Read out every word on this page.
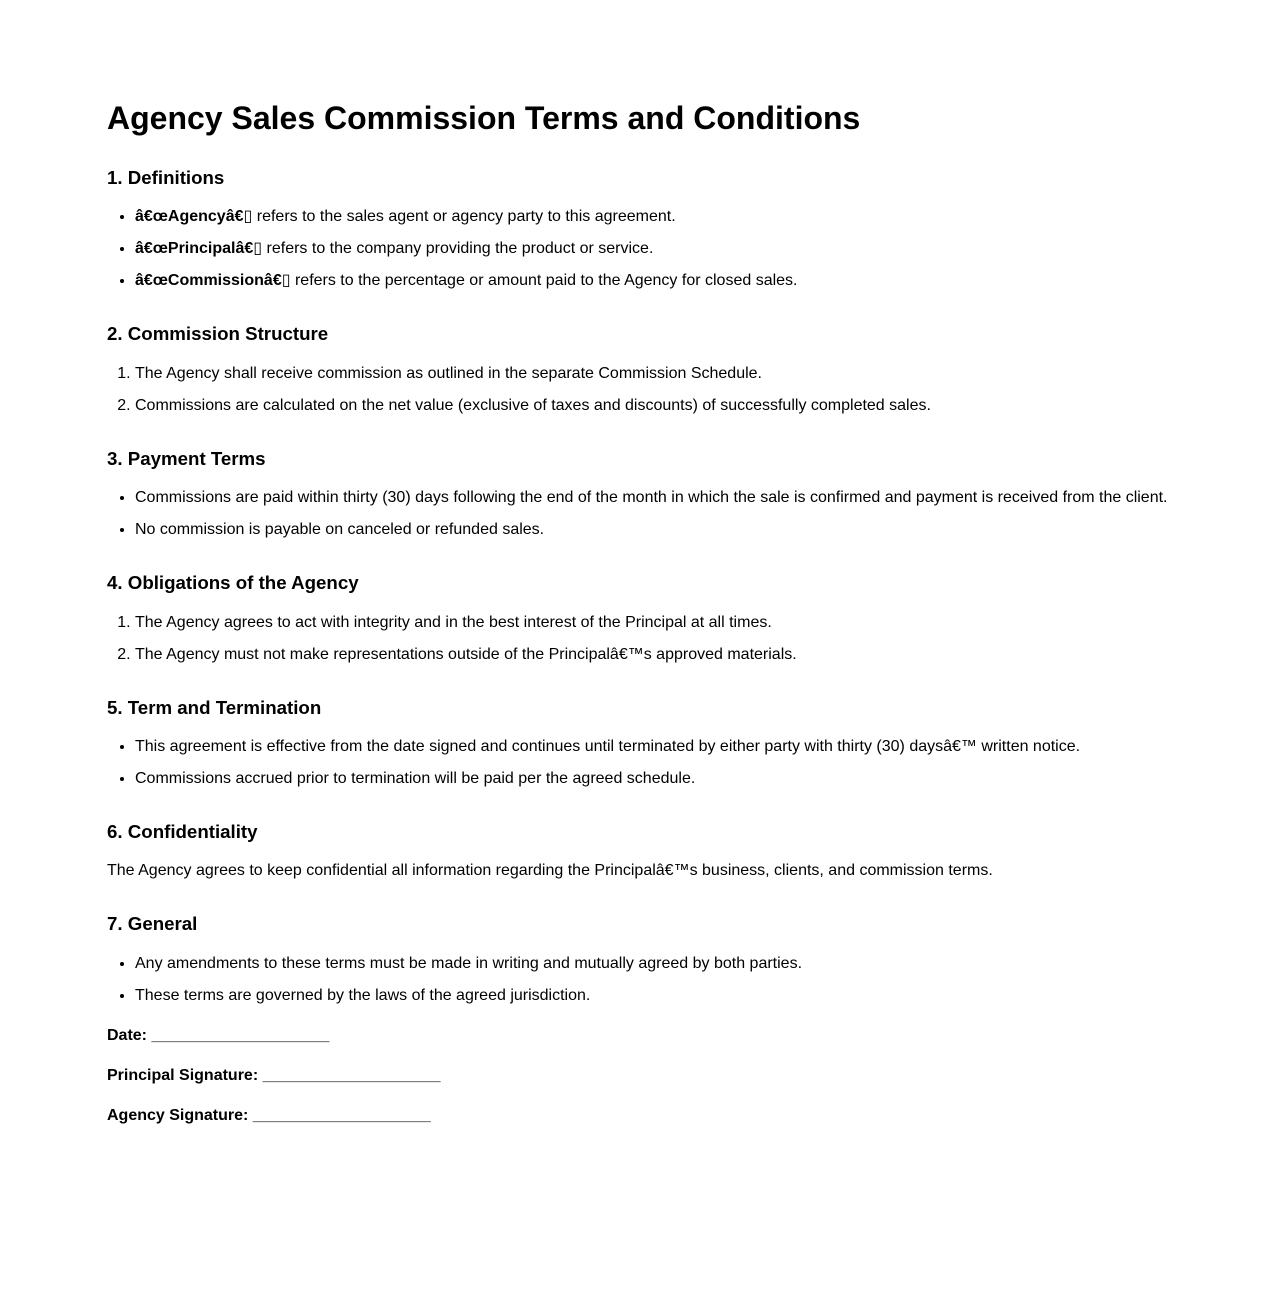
Agency Sales Commission Terms and Conditions
1. Definitions
• â€œAgencyâ€▯ refers to the sales agent or agency party to this agreement.
• â€œPrincipalâ€▯ refers to the company providing the product or service.
• â€œCommissionâ€▯ refers to the percentage or amount paid to the Agency for closed sales.
2. Commission Structure
1. The Agency shall receive commission as outlined in the separate Commission Schedule.
2. Commissions are calculated on the net value (exclusive of taxes and discounts) of successfully completed sales.
3. Payment Terms
• Commissions are paid within thirty (30) days following the end of the month in which the sale is confirmed and payment is received from the client.
• No commission is payable on canceled or refunded sales.
4. Obligations of the Agency
1. The Agency agrees to act with integrity and in the best interest of the Principal at all times.
2. The Agency must not make representations outside of the Principalâ€™s approved materials.
5. Term and Termination
• This agreement is effective from the date signed and continues until terminated by either party with thirty (30) daysâ€™ written notice.
• Commissions accrued prior to termination will be paid per the agreed schedule.
6. Confidentiality

The Agency agrees to keep confidential all information regarding the Principalâ€™s business, clients, and commission terms.

7. General
• Any amendments to these terms must be made in writing and mutually agreed by both parties.
• These terms are governed by the laws of the agreed jurisdiction.

Date: ____________________

Principal Signature: ____________________

Agency Signature: ____________________
